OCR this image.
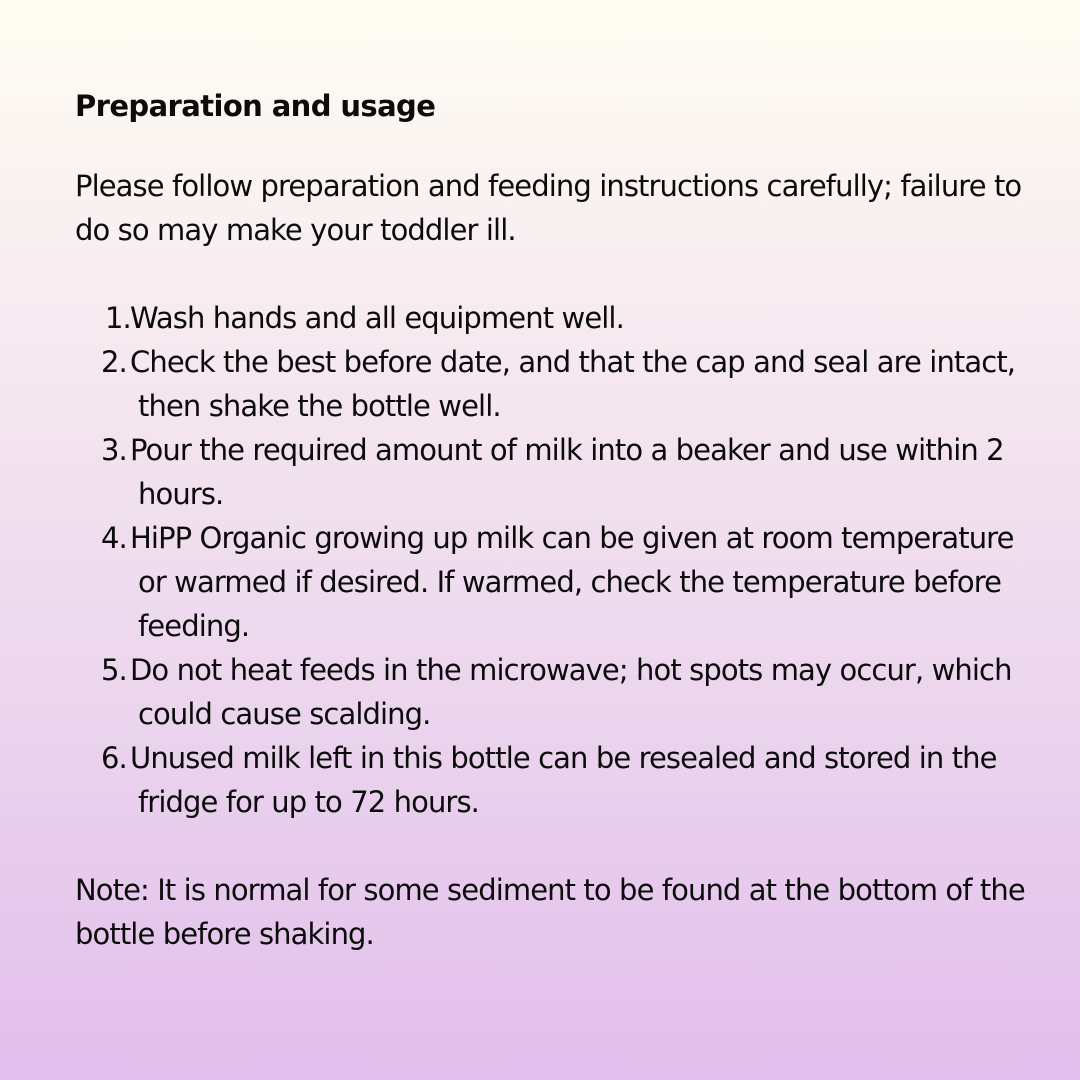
Preparation and usage

Please follow preparation and feeding instructions carefully; failure to do so may make your toddler ill.

1. Wash hands and all equipment well.
2. Check the best before date, and that the cap and seal are intact, then shake the bottle well.
3. Pour the required amount of milk into a beaker and use within 2 hours.
4. HiPP Organic growing up milk can be given at room temperature or warmed if desired. If warmed, check the temperature before feeding.
5. Do not heat feeds in the microwave; hot spots may occur, which could cause scalding.
6. Unused milk left in this bottle can be resealed and stored in the fridge for up to 72 hours.

Note: It is normal for some sediment to be found at the bottom of the bottle before shaking.
